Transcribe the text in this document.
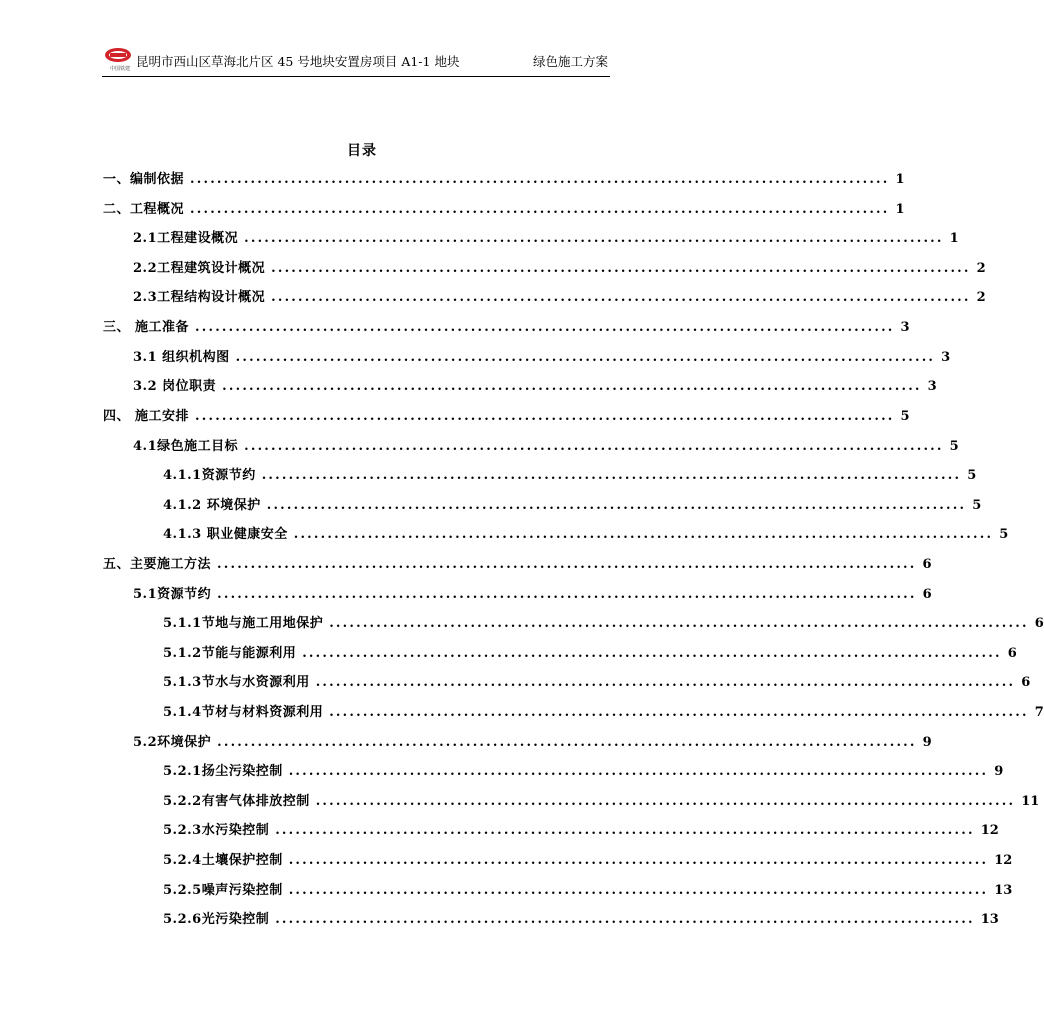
中国铁建 昆明市西山区草海北片区 45 号地块安置房项目 A1-1 地块	绿色施工方案
目录
一、编制依据 ........................................................................................................ 1
二、工程概况 ........................................................................................................ 1
2.1工程建设概况 ........................................................................................................ 1
2.2工程建筑设计概况 ........................................................................................................ 2
2.3工程结构设计概况 ........................................................................................................ 2
三、 施工准备 ........................................................................................................ 3
3.1 组织机构图 ........................................................................................................ 3
3.2 岗位职责 ........................................................................................................ 3
四、 施工安排 ........................................................................................................ 5
4.1绿色施工目标 ........................................................................................................ 5
4.1.1资源节约 ........................................................................................................ 5
4.1.2 环境保护 ........................................................................................................ 5
4.1.3 职业健康安全 ........................................................................................................ 5
五、主要施工方法 ........................................................................................................ 6
5.1资源节约 ........................................................................................................ 6
5.1.1节地与施工用地保护 ........................................................................................................ 6
5.1.2节能与能源利用 ........................................................................................................ 6
5.1.3节水与水资源利用 ........................................................................................................ 6
5.1.4节材与材料资源利用 ........................................................................................................ 7
5.2环境保护 ........................................................................................................ 9
5.2.1扬尘污染控制 ........................................................................................................ 9
5.2.2有害气体排放控制 ........................................................................................................ 11
5.2.3水污染控制 ........................................................................................................ 12
5.2.4土壤保护控制 ........................................................................................................ 12
5.2.5噪声污染控制 ........................................................................................................ 13
5.2.6光污染控制 ........................................................................................................ 13
